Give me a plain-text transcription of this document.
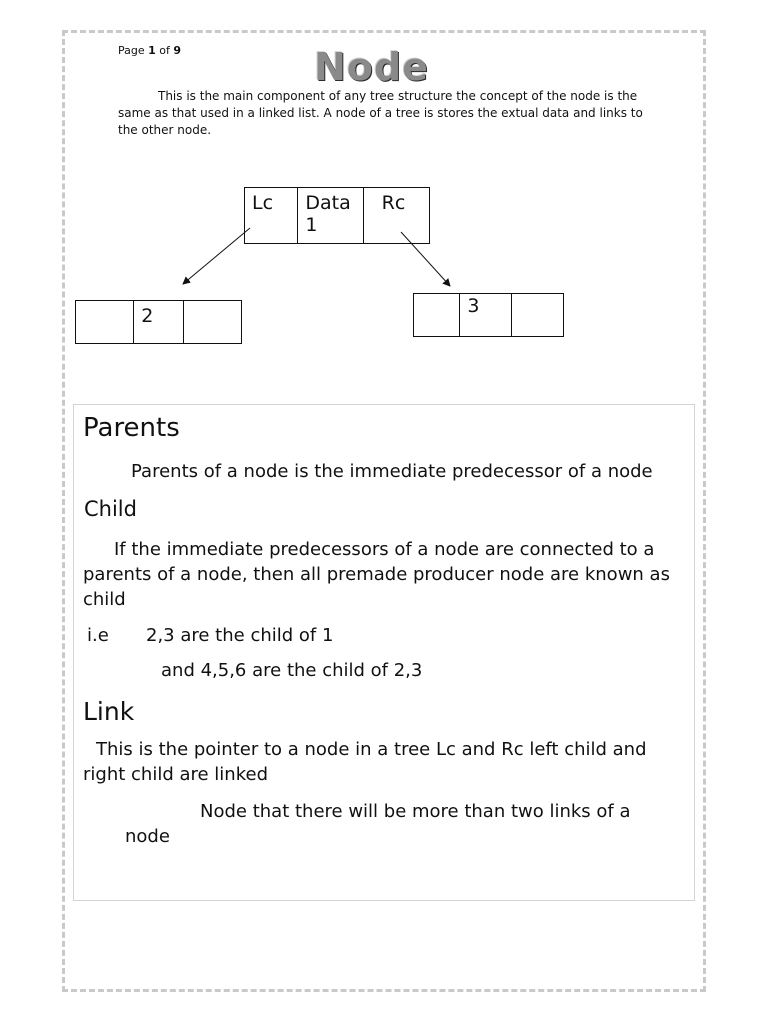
Page 1 of 9	Node

This is the main component of any tree structure the concept of the node is the same as that used in a linked list. A node of a tree is stores the extual data and links to the other node.

Lc	Data
1
Rc
2	3
Parents

Parents of a node is the immediate predecessor of a node

Child

If the immediate predecessors of a node are connected to a parents of a node, then all premade producer node are known as child

i.e 2,3 are the child of 1

and 4,5,6 are the child of 2,3

Link

This is the pointer to a node in a tree Lc and Rc left child and right child are linked

Node that there will be more than two links of a node
